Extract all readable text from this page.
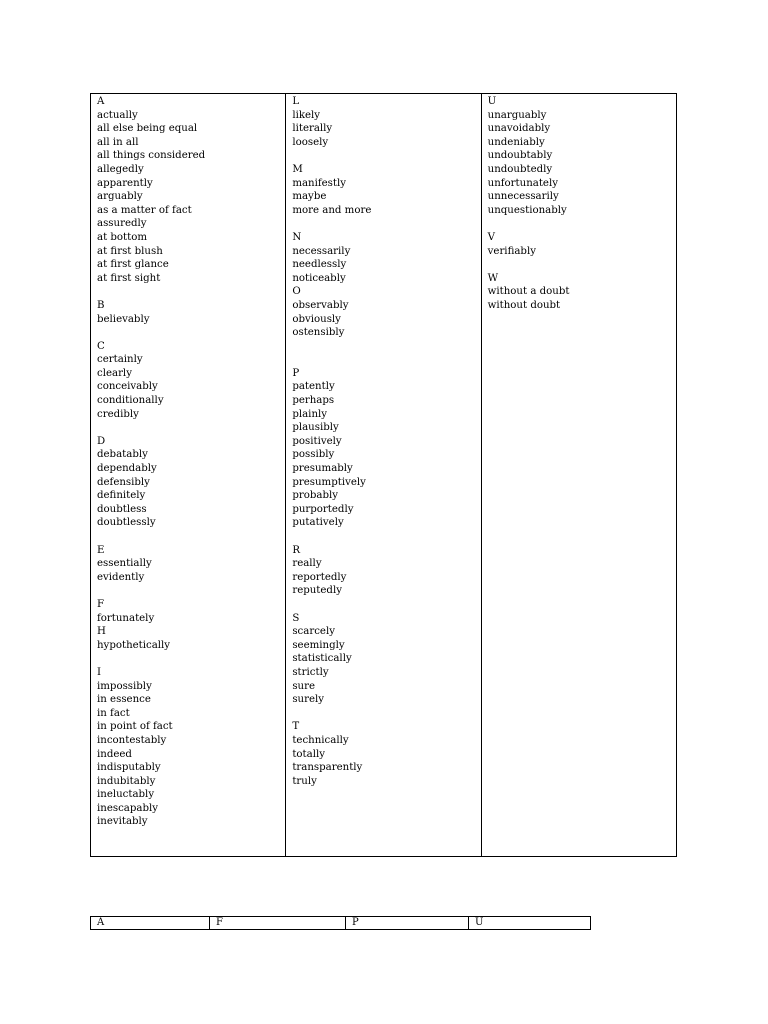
A
actually
all else being equal
all in all
all things considered
allegedly
apparently
arguably
as a matter of fact
assuredly
at bottom
at first blush
at first glance
at first sight
B
believably
C
certainly
clearly
conceivably
conditionally
credibly
D
debatably
dependably
defensibly
definitely
doubtless
doubtlessly
E
essentially
evidently
F
fortunately
H
hypothetically
I
impossibly
in essence
in fact
in point of fact
incontestably
indeed
indisputably
indubitably
ineluctably
inescapably
inevitably
L
likely
literally
loosely
M
manifestly
maybe
more and more
N
necessarily
needlessly
noticeably
O
observably
obviously
ostensibly
P
patently
perhaps
plainly
plausibly
positively
possibly
presumably
presumptively
probably
purportedly
putatively
R
really
reportedly
reputedly
S
scarcely
seemingly
statistically
strictly
sure
surely
T
technically
totally
transparently
truly
U
unarguably
unavoidably
undeniably
undoubtably
undoubtedly
unfortunately
unnecessarily
unquestionably
V
verifiably
W
without a doubt
without doubt
A	F	P	U
